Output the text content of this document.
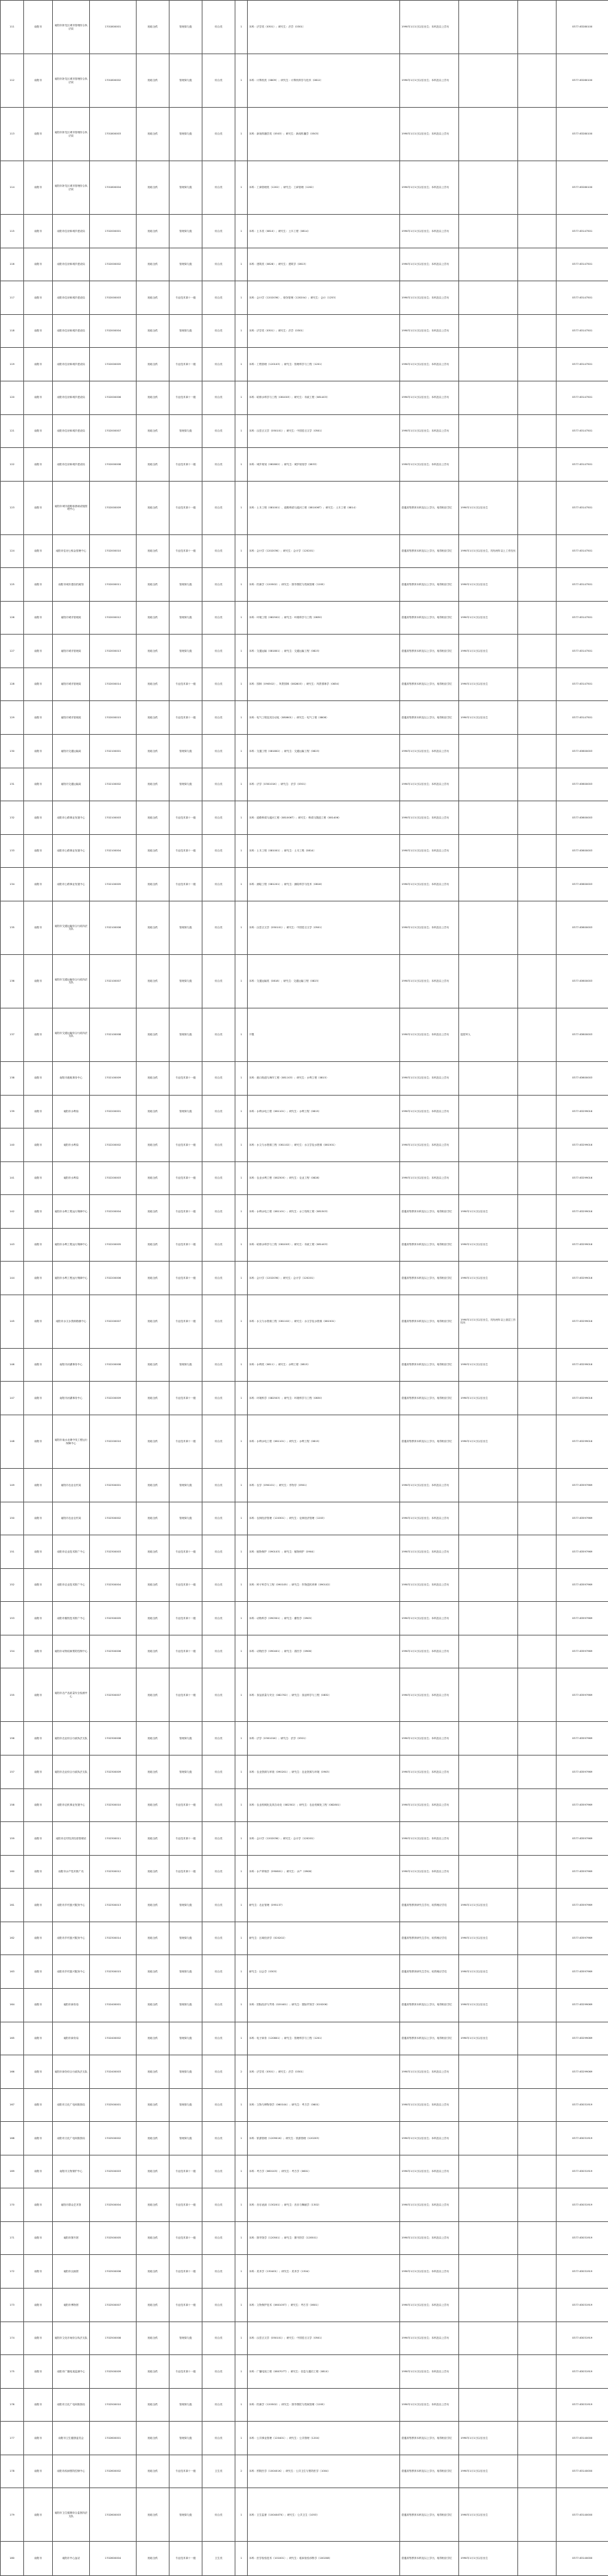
111	南阳市	南阳市卧龙区城市管理综合执法局	1701800001	财政全供	管理岗九级	综合类	1	本科：法学类（0301）；研究生：法学（0301）	1990年1月1日以后出生；本科及以上学历			0377-63280100
112	南阳市	南阳市卧龙区城市管理综合执法局	1701800002	财政全供	管理岗九级	综合类	1	本科：计算机类（0809）；研究生：计算机科学与技术（0812）	1990年1月1日以后出生；本科及以上学历			0377-63280100
113	南阳市	南阳市卧龙区城市管理综合执法局	1701800003	财政全供	管理岗九级	综合类	1	本科：新闻传播学类（0503）；研究生：新闻传播学（0503）	1990年1月1日以后出生；本科及以上学历			0377-63280100
114	南阳市	南阳市卧龙区城市管理综合执法局	1701800004	财政全供	管理岗九级	综合类	1	本科：工商管理类（1202）；研究生：工商管理（1202）	1990年1月1日以后出生；本科及以上学历			0377-63280100
115	南阳市	南阳市住房和城乡建设局	1702000001	财政全供	管理岗九级	综合类	1	本科：土木类（0810）；研究生：土木工程（0814）	1990年1月1日以后出生；本科及以上学历			0377-63147501
116	南阳市	南阳市住房和城乡建设局	1702000002	财政全供	管理岗九级	综合类	1	本科：建筑类（0828）；研究生：建筑学（0813）	1990年1月1日以后出生；本科及以上学历			0377-63147501
117	南阳市	南阳市住房和城乡建设局	1702000003	财政全供	专业技术岗十一级	综合类	1	本科：会计学（120203K）、财务管理（120204）；研究生：会计（1253）	1990年1月1日以后出生；本科及以上学历			0377-63147501
118	南阳市	南阳市住房和城乡建设局	1702000004	财政全供	管理岗九级	综合类	1	本科：法学类（0301）；研究生：法学（0301）	1990年1月1日以后出生；本科及以上学历			0377-63147501
119	南阳市	南阳市住房和城乡建设局	1702000005	财政全供	专业技术岗十一级	综合类	1	本科：工程管理（120103）；研究生：管理科学与工程（1201）	1990年1月1日以后出生；本科及以上学历			0377-63147501
120	南阳市	南阳市住房和城乡建设局	1702000006	财政全供	专业技术岗十一级	综合类	1	本科：给排水科学与工程（081003）；研究生：市政工程（081403）	1990年1月1日以后出生；本科及以上学历			0377-63147501
121	南阳市	南阳市住房和城乡建设局	1702000007	财政全供	管理岗九级	综合类	1	本科：汉语言文学（050101）；研究生：中国语言文学（0501）	1990年1月1日以后出生；本科及以上学历			0377-63147501
122	南阳市	南阳市住房和城乡建设局	1702000008	财政全供	专业技术岗十一级	综合类	1	本科：城乡规划（082802）；研究生：城乡规划学（0833）	1990年1月1日以后出生；本科及以上学历			0377-63147501
123	南阳市	南阳市城市道路和基础设施管理中心	1702000009	财政全供	专业技术岗十一级	综合类	1	本科：土木工程（081001）、道路桥梁与渡河工程（081006T）；研究生：土木工程（0814）	普通高等教育本科及以上学历，取得相应学位	1990年1月1日以后出生		0377-63147501
124	南阳市	南阳市住房公积金管理中心	1702000010	财政全供	专业技术岗十一级	综合类	1	本科：会计学（120203K）；研究生：会计学（120201）	普通高等教育本科及以上学历，取得相应学位	1990年1月1日以后出生，具有两年以上工作经历		0377-63147501
125	南阳市	南阳市城市建设档案馆	1702000011	财政全供	管理岗九级	综合类	1	本科：档案学（120502）；研究生：图书情报与档案管理（1205）	普通高等教育本科及以上学历，取得相应学位	1990年1月1日以后出生		0377-63147501
126	南阳市	南阳市城市管理局	1702000012	财政全供	管理岗九级	综合类	1	本科：环境工程（082502）；研究生：环境科学与工程（0830）	普通高等教育本科及以上学历，取得相应学位	1990年1月1日以后出生		0377-63147501
127	南阳市	南阳市城市管理局	1702000013	财政全供	管理岗九级	综合类	1	本科：交通运输（081801）；研究生：交通运输工程（0823）	普通高等教育本科及以上学历，取得相应学位	1990年1月1日以后出生		0377-63147501
128	南阳市	南阳市城市管理局	1702000014	财政全供	专业技术岗十一级	综合类	1	本科：园林（090502）、风景园林（082803）；研究生：风景园林学（0834）	普通高等教育本科及以上学历，取得相应学位	1990年1月1日以后出生		0377-63147501
129	南阳市	南阳市城市管理局	1702000015	财政全供	专业技术岗十一级	综合类	1	本科：电气工程及其自动化（080601）；研究生：电气工程（0808）	普通高等教育本科及以上学历，取得相应学位	1990年1月1日以后出生		0377-63147501
130	南阳市	南阳市交通运输局	1702100001	财政全供	管理岗九级	综合类	1	本科：交通工程（081802）；研究生：交通运输工程（0823）	1990年1月1日以后出生；本科及以上学历			0377-63600003
131	南阳市	南阳市交通运输局	1702100002	财政全供	管理岗九级	综合类	1	本科：法学（030101K）；研究生：法学（0301）	1990年1月1日以后出生；本科及以上学历			0377-63600003
132	南阳市	南阳市公路事业发展中心	1702100003	财政全供	专业技术岗十一级	综合类	1	本科：道路桥梁与渡河工程（081006T）；研究生：桥梁与隧道工程（081406）	1990年1月1日以后出生；本科及以上学历			0377-63600003
133	南阳市	南阳市公路事业发展中心	1702100004	财政全供	专业技术岗十一级	综合类	1	本科：土木工程（081001）；研究生：土木工程（0814）	1990年1月1日以后出生；本科及以上学历			0377-63600003
134	南阳市	南阳市公路事业发展中心	1702100005	财政全供	专业技术岗十一级	综合类	1	本科：测绘工程（081201）；研究生：测绘科学与技术（0816）	1990年1月1日以后出生；本科及以上学历			0377-63600003
135	南阳市	南阳市交通运输综合行政执法支队	1702100006	财政全供	管理岗九级	综合类	1	本科：汉语言文学（050101）；研究生：中国语言文学（0501）	1990年1月1日以后出生；本科及以上学历			0377-63600003
136	南阳市	南阳市交通运输综合行政执法支队	1702100007	财政全供	管理岗九级	综合类	1	本科：交通运输类（0818）；研究生：交通运输工程（0823）	1990年1月1日以后出生；本科及以上学历			0377-63600003
137	南阳市	南阳市交通运输综合行政执法支队	1702100008	财政全供	管理岗九级	综合类	1	不限	1990年1月1日以后出生；本科及以上学历	退役军人		0377-63600003
138	南阳市	南阳市港航事务中心	1702100009	财政全供	专业技术岗十一级	综合类	1	本科：港口航道与海岸工程（081103）；研究生：水利工程（0815）	1990年1月1日以后出生；本科及以上学历			0377-63600003
139	南阳市	南阳市水利局	1702200001	财政全供	管理岗九级	综合类	1	本科：水利水电工程（081101）；研究生：水利工程（0815）	1990年1月1日以后出生；本科及以上学历			0377-63299016
140	南阳市	南阳市水利局	1702200002	财政全供	专业技术岗十一级	综合类	1	本科：水文与水资源工程（081102）；研究生：水文学及水资源（081501）	1990年1月1日以后出生；本科及以上学历			0377-63299016
141	南阳市	南阳市水利局	1702200003	财政全供	专业技术岗十一级	综合类	1	本科：农业水利工程（082305）；研究生：农业工程（0828）	1990年1月1日以后出生；本科及以上学历			0377-63299016
142	南阳市	南阳市水利工程运行保障中心	1702200004	财政全供	专业技术岗十一级	综合类	1	本科：水利水电工程（081101）；研究生：水工结构工程（081503）	普通高等教育本科及以上学历，取得相应学位	1990年1月1日以后出生		0377-63299016
143	南阳市	南阳市水利工程运行保障中心	1702200005	财政全供	专业技术岗十一级	综合类	1	本科：给排水科学与工程（081003）；研究生：市政工程（081403）	普通高等教育本科及以上学历，取得相应学位	1990年1月1日以后出生		0377-63299016
144	南阳市	南阳市水利工程运行保障中心	1702200006	财政全供	专业技术岗十一级	综合类	1	本科：会计学（120203K）；研究生：会计学（120201）	普通高等教育本科及以上学历，取得相应学位	1990年1月1日以后出生		0377-63299016
145	南阳市	南阳市水文水资源勘测中心	1702200007	财政全供	专业技术岗十一级	综合类	1	本科：水文与水资源工程（081102）；研究生：水文学及水资源（081501）	普通高等教育本科及以上学历，取得相应学位	1990年1月1日以后出生，具有两年以上基层工作经历		0377-63299016
146	南阳市	南阳市河湖事务中心	1702200008	财政全供	管理岗九级	综合类	1	本科：水利类（0811）；研究生：水利工程（0815）	普通高等教育本科及以上学历，取得相应学位	1990年1月1日以后出生		0377-63299016
147	南阳市	南阳市河湖事务中心	1702200009	财政全供	专业技术岗十一级	综合类	1	本科：环境科学（082503）；研究生：环境科学与工程（0830）	普通高等教育本科及以上学历，取得相应学位	1990年1月1日以后出生		0377-63299016
148	南阳市	南阳市南水北调中线工程运行保障中心	1702200010	财政全供	专业技术岗十一级	综合类	1	本科：水利水电工程（081101）；研究生：水利工程（0815）	普通高等教育本科及以上学历，取得相应学位	1990年1月1日以后出生		0377-63299016
149	南阳市	南阳市农业农村局	1702300001	财政全供	管理岗九级	综合类	1	本科：农学（090101）；研究生：作物学（0901）	1990年1月1日以后出生；本科及以上学历			0377-63597969
150	南阳市	南阳市农业农村局	1702300002	财政全供	管理岗九级	综合类	1	本科：农林经济管理（120301）；研究生：农林经济管理（1203）	1990年1月1日以后出生；本科及以上学历			0377-63597969
151	南阳市	南阳市农业技术推广中心	1702300003	财政全供	专业技术岗十一级	综合类	1	本科：植物保护（090103）；研究生：植物保护（0904）	1990年1月1日以后出生；本科及以上学历			0377-63597969
152	南阳市	南阳市农业技术推广中心	1702300004	财政全供	专业技术岗十一级	综合类	1	本科：种子科学与工程（090105）；研究生：作物遗传育种（090102）	1990年1月1日以后出生；本科及以上学历			0377-63597969
153	南阳市	南阳市畜牧技术推广中心	1702300005	财政全供	专业技术岗十一级	综合类	1	本科：动物科学（090301）；研究生：畜牧学（0905）	1990年1月1日以后出生；本科及以上学历			0377-63597969
154	南阳市	南阳市动物疫病预防控制中心	1702300006	财政全供	专业技术岗十一级	综合类	1	本科：动物医学（090401）；研究生：兽医学（0906）	1990年1月1日以后出生；本科及以上学历			0377-63597969
155	南阳市	南阳市农产品质量安全检测中心	1702300007	财政全供	专业技术岗十一级	综合类	1	本科：食品质量与安全（082702）；研究生：食品科学与工程（0832）	1990年1月1日以后出生；本科及以上学历			0377-63597969
156	南阳市	南阳市农业综合行政执法支队	1702300008	财政全供	管理岗九级	综合类	1	本科：法学（030101K）；研究生：法学（0301）	1990年1月1日以后出生；本科及以上学历			0377-63597969
157	南阳市	南阳市农业综合行政执法支队	1702300009	财政全供	管理岗九级	综合类	1	本科：农业资源与环境（090201）；研究生：农业资源与环境（0903）	1990年1月1日以后出生；本科及以上学历			0377-63597969
158	南阳市	南阳市农机事业发展中心	1702300010	财政全供	专业技术岗十一级	综合类	1	本科：农业机械化及其自动化（082302）；研究生：农业机械化工程（082801）	1990年1月1日以后出生；本科及以上学历			0377-63597969
159	南阳市	南阳市农村经济经营管理站	1702300011	财政全供	专业技术岗十一级	综合类	1	本科：会计学（120203K）；研究生：会计学（120201）	1990年1月1日以后出生；本科及以上学历			0377-63597969
160	南阳市	南阳市水产技术推广站	1702300012	财政全供	专业技术岗十一级	综合类	1	本科：水产养殖学（090601）；研究生：水产（0908）	1990年1月1日以后出生；本科及以上学历			0377-63597969
161	南阳市	南阳市乡村振兴服务中心	1702300013	财政全供	管理岗九级	综合类	1	研究生：农业管理（095137）	普通高等教育研究生学历，取得相应学位	1990年1月1日以后出生		0377-63597969
162	南阳市	南阳市乡村振兴服务中心	1702300014	财政全供	管理岗九级	综合类	1	研究生：区域经济学（020202）	普通高等教育研究生学历，取得相应学位	1990年1月1日以后出生		0377-63597969
163	南阳市	南阳市乡村振兴服务中心	1702300015	财政全供	管理岗九级	综合类	1	研究生：社会学（0303）	普通高等教育研究生学历，取得相应学位	1990年1月1日以后出生		0377-63597969
164	南阳市	南阳市商务局	1702400001	财政全供	管理岗九级	综合类	1	本科：国际经济与贸易（020401）；研究生：国际贸易学（020206）	普通高等教育本科及以上学历，取得相应学位	1990年1月1日以后出生		0377-63299069
165	南阳市	南阳市商务局	1702400002	财政全供	管理岗九级	综合类	1	本科：电子商务（120801）；研究生：管理科学与工程（1201）	普通高等教育本科及以上学历，取得相应学位	1990年1月1日以后出生		0377-63299069
166	南阳市	南阳市商务综合行政执法支队	1702400003	财政全供	管理岗九级	综合类	2	本科：法学类（0301）；研究生：法学（0301）	1990年1月1日以后出生；本科及以上学历			0377-63299069
167	南阳市	南阳市文化广电和旅游局	1702500001	财政全供	管理岗九级	综合类	1	本科：文物与博物馆学（060104）；研究生：考古学（0601）	1990年1月1日以后出生；本科及以上学历			0377-63031919
168	南阳市	南阳市文化广电和旅游局	1702500002	财政全供	管理岗九级	综合类	1	本科：旅游管理（120901K）；研究生：旅游管理（120203）	1990年1月1日以后出生；本科及以上学历			0377-63031919
169	南阳市	南阳市文物保护中心	1702500003	财政全供	专业技术岗十一级	综合类	1	本科：考古学（060103）；研究生：考古学（0601）	1990年1月1日以后出生；本科及以上学历			0377-63031919
170	南阳市	南阳市群众艺术馆	1702500004	财政全供	专业技术岗十一级	综合类	1	本科：音乐表演（130201）；研究生：音乐与舞蹈学（1302）	1990年1月1日以后出生；本科及以上学历			0377-63031919
171	南阳市	南阳市图书馆	1702500005	财政全供	专业技术岗十一级	综合类	1	本科：图书馆学（120501）；研究生：图书馆学（120501）	1990年1月1日以后出生；本科及以上学历			0377-63031919
172	南阳市	南阳市汉画馆	1702500006	财政全供	专业技术岗十一级	综合类	1	本科：美术学（130401）；研究生：美术学（1304）	1990年1月1日以后出生；本科及以上学历			0377-63031919
173	南阳市	南阳市博物馆	1702500007	财政全供	专业技术岗十一级	综合类	1	本科：文物保护技术（060105T）；研究生：考古学（0601）	1990年1月1日以后出生；本科及以上学历			0377-63031919
174	南阳市	南阳市文化市场综合执法支队	1702500008	财政全供	管理岗九级	综合类	1	本科：汉语言文学（050101）；研究生：中国语言文学（0501）	1990年1月1日以后出生；本科及以上学历			0377-63031919
175	南阳市	南阳市广播电视监测中心	1702500009	财政全供	专业技术岗十一级	综合类	1	本科：广播电视工程（080707T）；研究生：信息与通信工程（0810）	1990年1月1日以后出生；本科及以上学历			0377-63031919
176	南阳市	南阳市文化广电和旅游局	1702500010	财政全供	管理岗九级	综合类	1	本科：档案学（120502）；研究生：图书情报与档案管理（1205）	1990年1月1日以后出生；本科及以上学历			0377-63031919
177	南阳市	南阳市卫生健康委员会	1702600001	财政全供	管理岗九级	综合类	1	本科：公共事业管理（120401）；研究生：公共管理（1204）	普通高等教育本科及以上学历，取得相应学位	1990年1月1日以后出生		0377-63140000
178	南阳市	南阳市疾病预防控制中心	1702600002	财政全供	专业技术岗十一级	卫生类	2	本科：预防医学（100401K）；研究生：公共卫生与预防医学（1004）	普通高等教育本科及以上学历，取得相应学位	1990年1月1日以后出生		0377-63140000
179	南阳市	南阳市卫生健康综合监督执法支队	1702600003	财政全供	管理岗九级	综合类	1	本科：卫生监督（100404TK）；研究生：公共卫生（1053）	普通高等教育本科及以上学历，取得相应学位	1990年1月1日以后出生		0377-63140000
180	南阳市	南阳市中心血站	1702600004	财政全供	专业技术岗十一级	卫生类	1	本科：医学检验技术（101001）；研究生：临床检验诊断学（100208）	普通高等教育本科及以上学历，取得相应学位	1990年1月1日以后出生		0377-63140000
